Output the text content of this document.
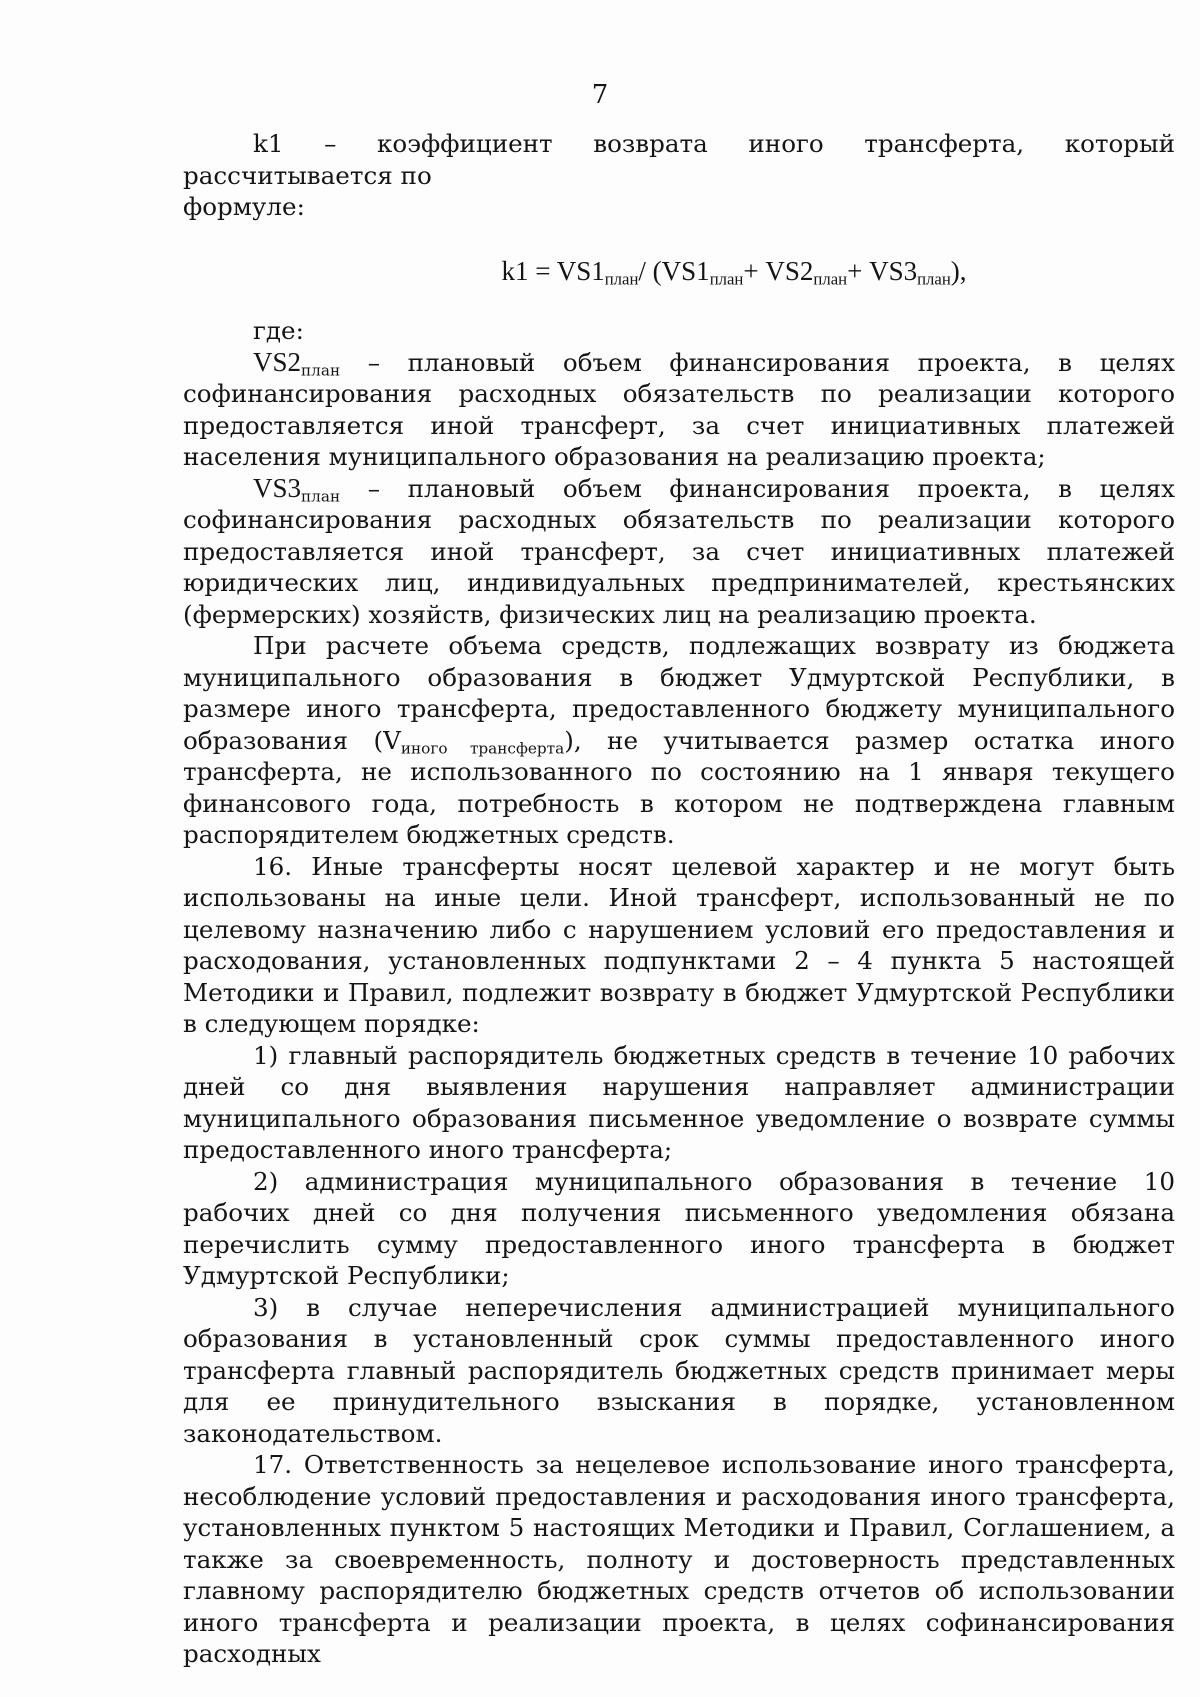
7

k1 – коэффициент возврата иного трансферта, который рассчитывается по

формуле:

$k1 = VS1_{план}/$ $(VS1_{план}+ VS2_{план}+ VS3_{план})$,

где:

$VS2_{план}$ – плановый объем финансирования проекта, в целях софинансирования расходных обязательств по реализации которого предоставляется иной трансферт, за счет инициативных платежей населения муниципального образования на реализацию проекта;

$VS3_{план}$ – плановый объем финансирования проекта, в целях софинансирования расходных обязательств по реализации которого предоставляется иной трансферт, за счет инициативных платежей юридических лиц, индивидуальных предпринимателей, крестьянских (фермерских) хозяйств, физических лиц на реализацию проекта.

При расчете объема средств, подлежащих возврату из бюджета муниципального образования в бюджет Удмуртской Республики, в размере иного трансферта, предоставленного бюджету муниципального образования $(V_{иного трансферта})$, не учитывается размер остатка иного трансферта, не использованного по состоянию на 1 января текущего финансового года, потребность в котором не подтверждена главным распорядителем бюджетных средств.

16. Иные трансферты носят целевой характер и не могут быть использованы на иные цели. Иной трансферт, использованный не по целевому назначению либо с нарушением условий его предоставления и расходования, установленных подпунктами 2 – 4 пункта 5 настоящей Методики и Правил, подлежит возврату в бюджет Удмуртской Республики в следующем порядке:

1) главный распорядитель бюджетных средств в течение 10 рабочих дней со дня выявления нарушения направляет администрации муниципального образования письменное уведомление о возврате суммы предоставленного иного трансферта;

2) администрация муниципального образования в течение 10 рабочих дней со дня получения письменного уведомления обязана перечислить сумму предоставленного иного трансферта в бюджет Удмуртской Республики;

3) в случае неперечисления администрацией муниципального образования в установленный срок суммы предоставленного иного трансферта главный распорядитель бюджетных средств принимает меры для ее принудительного взыскания в порядке, установленном законодательством.

17. Ответственность за нецелевое использование иного трансферта, несоблюдение условий предоставления и расходования иного трансферта, установленных пунктом 5 настоящих Методики и Правил, Соглашением, а также за своевременность, полноту и достоверность представленных главному распорядителю бюджетных средств отчетов об использовании иного трансферта и реализации проекта, в целях софинансирования расходных
